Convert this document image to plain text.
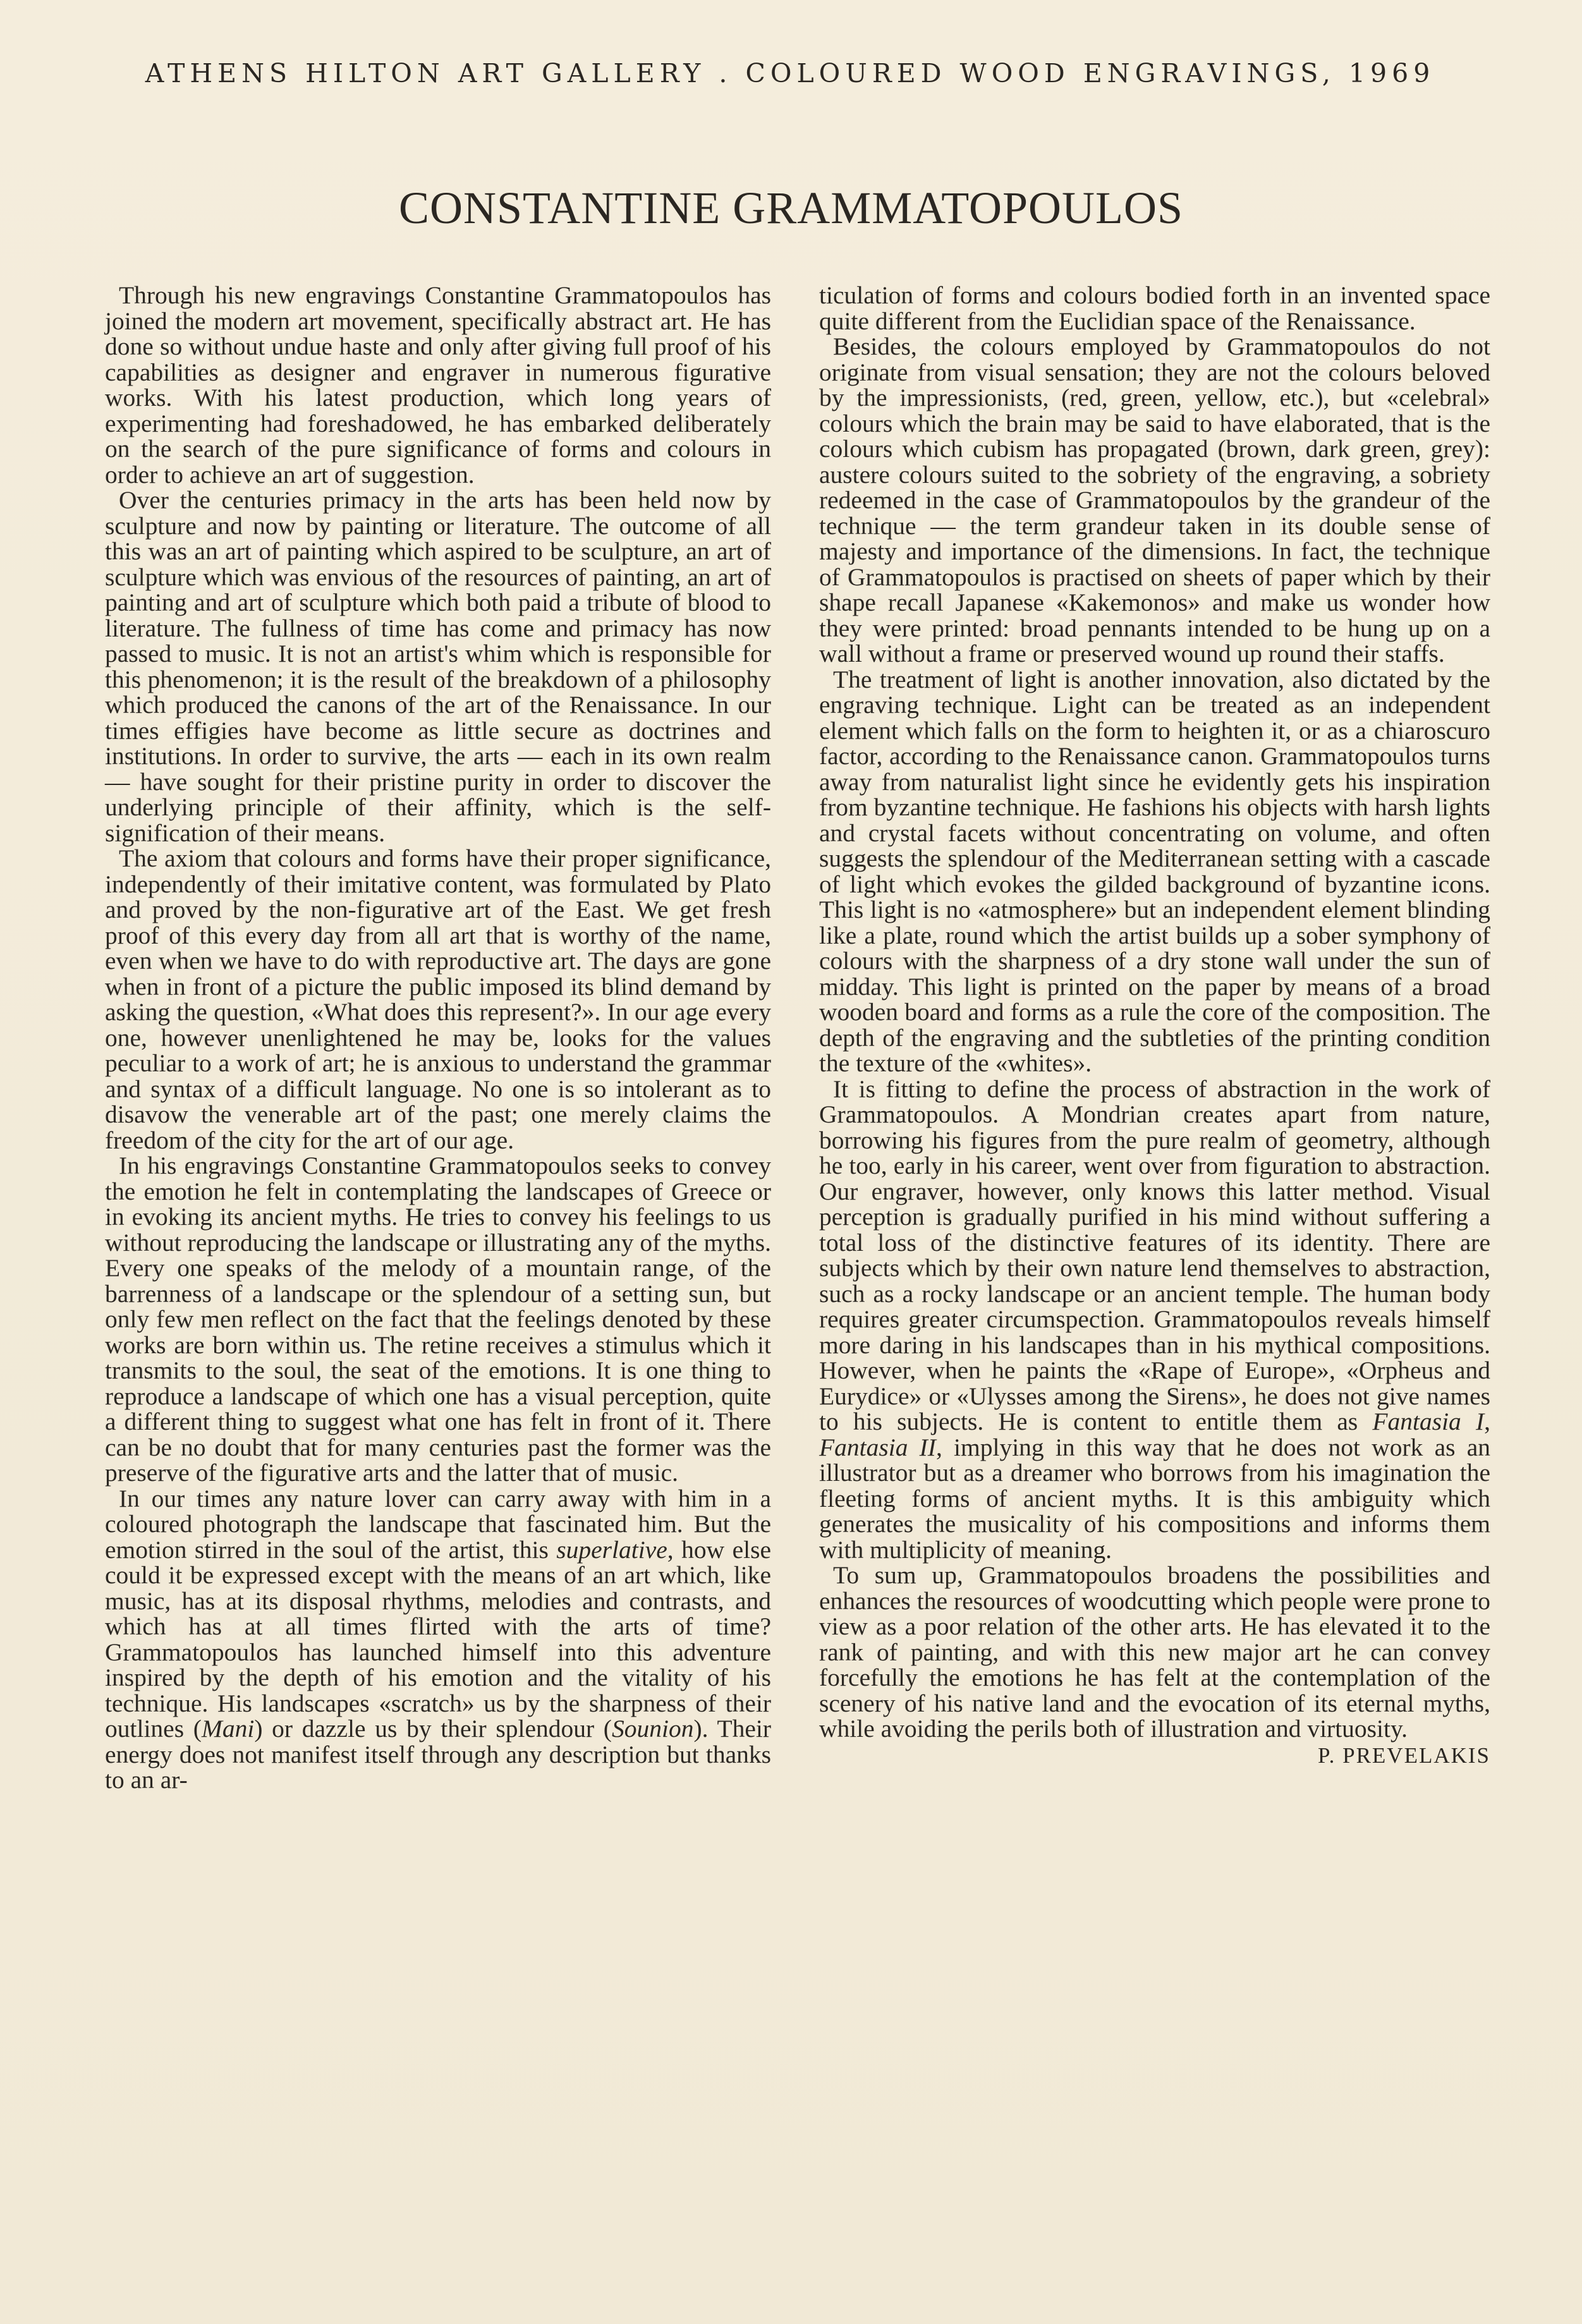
ATHENS HILTON ART GALLERY . COLOURED WOOD ENGRAVINGS, 1969
CONSTANTINE GRAMMATOPOULOS

Through his new engravings Constantine Grammatopoulos has joined the modern art movement, specifically abstract art. He has done so without undue haste and only after giving full proof of his capabilities as designer and engraver in numerous figurative works. With his latest production, which long years of experimenting had foreshadowed, he has embarked deliberately on the search of the pure significance of forms and colours in order to achieve an art of suggestion.

Over the centuries primacy in the arts has been held now by sculpture and now by painting or literature. The outcome of all this was an art of painting which aspired to be sculpture, an art of sculpture which was envious of the resources of painting, an art of painting and art of sculpture which both paid a tribute of blood to literature. The fullness of time has come and primacy has now passed to music. It is not an artist's whim which is responsible for this phenomenon; it is the result of the breakdown of a philosophy which produced the canons of the art of the Renaissance. In our times effigies have become as little secure as doctrines and institutions. In order to survive, the arts — each in its own realm — have sought for their pristine purity in order to discover the underlying principle of their affinity, which is the self-signification of their means.

The axiom that colours and forms have their proper significance, independently of their imitative content, was formulated by Plato and proved by the non-figurative art of the East. We get fresh proof of this every day from all art that is worthy of the name, even when we have to do with reproductive art. The days are gone when in front of a picture the public imposed its blind demand by asking the question, «What does this represent?». In our age every one, however unenlightened he may be, looks for the values peculiar to a work of art; he is anxious to understand the grammar and syntax of a difficult language. No one is so intolerant as to disavow the venerable art of the past; one merely claims the freedom of the city for the art of our age.

In his engravings Constantine Grammatopoulos seeks to convey the emotion he felt in contemplating the landscapes of Greece or in evoking its ancient myths. He tries to convey his feelings to us without reproducing the landscape or illustrating any of the myths. Every one speaks of the melody of a mountain range, of the barrenness of a landscape or the splendour of a setting sun, but only few men reflect on the fact that the feelings denoted by these works are born within us. The retine receives a stimulus which it transmits to the soul, the seat of the emotions. It is one thing to reproduce a landscape of which one has a visual perception, quite a different thing to suggest what one has felt in front of it. There can be no doubt that for many centuries past the former was the preserve of the figurative arts and the latter that of music.

In our times any nature lover can carry away with him in a coloured photograph the landscape that fascinated him. But the emotion stirred in the soul of the artist, this superlative, how else could it be expressed except with the means of an art which, like music, has at its disposal rhythms, melodies and contrasts, and which has at all times flirted with the arts of time? Grammatopoulos has launched himself into this adventure inspired by the depth of his emotion and the vitality of his technique. His landscapes «scratch» us by the sharpness of their outlines (Mani) or dazzle us by their splendour (Sounion). Their energy does not manifest itself through any description but thanks to an ar-

ticulation of forms and colours bodied forth in an invented space quite different from the Euclidian space of the Renaissance.

Besides, the colours employed by Grammatopoulos do not originate from visual sensation; they are not the colours beloved by the impressionists, (red, green, yellow, etc.), but «celebral» colours which the brain may be said to have elaborated, that is the colours which cubism has propagated (brown, dark green, grey): austere colours suited to the sobriety of the engraving, a sobriety redeemed in the case of Grammatopoulos by the grandeur of the technique — the term grandeur taken in its double sense of majesty and importance of the dimensions. In fact, the technique of Grammatopoulos is practised on sheets of paper which by their shape recall Japanese «Kakemonos» and make us wonder how they were printed: broad pennants intended to be hung up on a wall without a frame or preserved wound up round their staffs.

The treatment of light is another innovation, also dictated by the engraving technique. Light can be treated as an independent element which falls on the form to heighten it, or as a chiaroscuro factor, according to the Renaissance canon. Grammatopoulos turns away from naturalist light since he evidently gets his inspiration from byzantine technique. He fashions his objects with harsh lights and crystal facets without concentrating on volume, and often suggests the splendour of the Mediterranean setting with a cascade of light which evokes the gilded background of byzantine icons. This light is no «atmosphere» but an independent element blinding like a plate, round which the artist builds up a sober symphony of colours with the sharpness of a dry stone wall under the sun of midday. This light is printed on the paper by means of a broad wooden board and forms as a rule the core of the composition. The depth of the engraving and the subtleties of the printing condition the texture of the «whites».

It is fitting to define the process of abstraction in the work of Grammatopoulos. A Mondrian creates apart from nature, borrowing his figures from the pure realm of geometry, although he too, early in his career, went over from figuration to abstraction. Our engraver, however, only knows this latter method. Visual perception is gradually purified in his mind without suffering a total loss of the distinctive features of its identity. There are subjects which by their own nature lend themselves to abstraction, such as a rocky landscape or an ancient temple. The human body requires greater circumspection. Grammatopoulos reveals himself more daring in his landscapes than in his mythical compositions. However, when he paints the «Rape of Europe», «Orpheus and Eurydice» or «Ulysses among the Sirens», he does not give names to his subjects. He is content to entitle them as Fantasia I, Fantasia II, implying in this way that he does not work as an illustrator but as a dreamer who borrows from his imagination the fleeting forms of ancient myths. It is this ambiguity which generates the musicality of his compositions and informs them with multiplicity of meaning.

To sum up, Grammatopoulos broadens the possibilities and enhances the resources of woodcutting which people were prone to view as a poor relation of the other arts. He has elevated it to the rank of painting, and with this new major art he can convey forcefully the emotions he has felt at the contemplation of the scenery of his native land and the evocation of its eternal myths, while avoiding the perils both of illustration and virtuosity.
P. PREVELAKIS
